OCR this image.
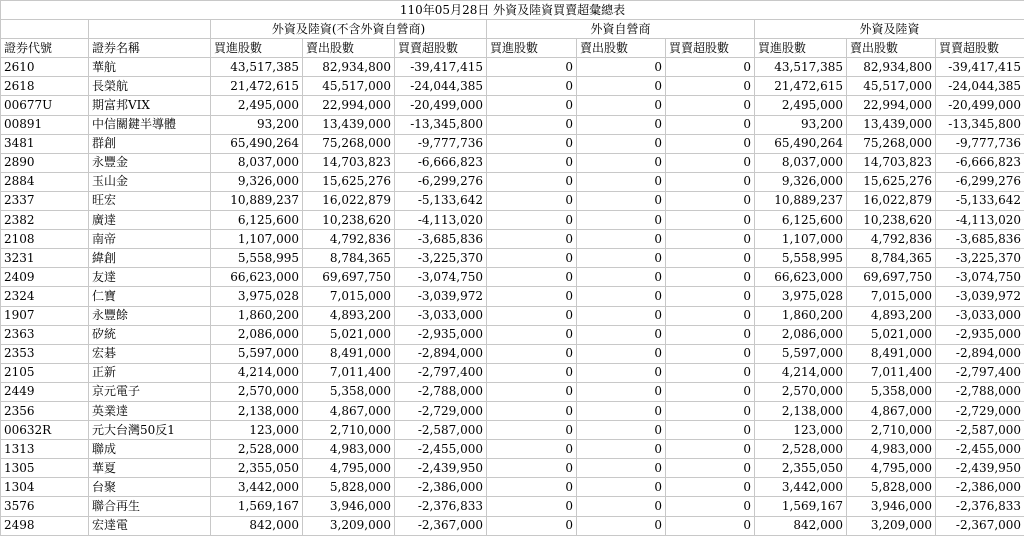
110年05月28日 外資及陸資買賣超彙總表										
		外資及陸資(不含外資自營商)			外資自營商			外資及陸資		
證券代號	證券名稱	買進股數	賣出股數	買賣超股數	買進股數	賣出股數	買賣超股數	買進股數	賣出股數	買賣超股數
2610	華航	43,517,385	82,934,800	-39,417,415	0	0	0	43,517,385	82,934,800	-39,417,415
2618	長榮航	21,472,615	45,517,000	-24,044,385	0	0	0	21,472,615	45,517,000	-24,044,385
00677U	期富邦VIX	2,495,000	22,994,000	-20,499,000	0	0	0	2,495,000	22,994,000	-20,499,000
00891	中信關鍵半導體	93,200	13,439,000	-13,345,800	0	0	0	93,200	13,439,000	-13,345,800
3481	群創	65,490,264	75,268,000	-9,777,736	0	0	0	65,490,264	75,268,000	-9,777,736
2890	永豐金	8,037,000	14,703,823	-6,666,823	0	0	0	8,037,000	14,703,823	-6,666,823
2884	玉山金	9,326,000	15,625,276	-6,299,276	0	0	0	9,326,000	15,625,276	-6,299,276
2337	旺宏	10,889,237	16,022,879	-5,133,642	0	0	0	10,889,237	16,022,879	-5,133,642
2382	廣達	6,125,600	10,238,620	-4,113,020	0	0	0	6,125,600	10,238,620	-4,113,020
2108	南帝	1,107,000	4,792,836	-3,685,836	0	0	0	1,107,000	4,792,836	-3,685,836
3231	緯創	5,558,995	8,784,365	-3,225,370	0	0	0	5,558,995	8,784,365	-3,225,370
2409	友達	66,623,000	69,697,750	-3,074,750	0	0	0	66,623,000	69,697,750	-3,074,750
2324	仁寶	3,975,028	7,015,000	-3,039,972	0	0	0	3,975,028	7,015,000	-3,039,972
1907	永豐餘	1,860,200	4,893,200	-3,033,000	0	0	0	1,860,200	4,893,200	-3,033,000
2363	矽統	2,086,000	5,021,000	-2,935,000	0	0	0	2,086,000	5,021,000	-2,935,000
2353	宏碁	5,597,000	8,491,000	-2,894,000	0	0	0	5,597,000	8,491,000	-2,894,000
2105	正新	4,214,000	7,011,400	-2,797,400	0	0	0	4,214,000	7,011,400	-2,797,400
2449	京元電子	2,570,000	5,358,000	-2,788,000	0	0	0	2,570,000	5,358,000	-2,788,000
2356	英業達	2,138,000	4,867,000	-2,729,000	0	0	0	2,138,000	4,867,000	-2,729,000
00632R	元大台灣50反1	123,000	2,710,000	-2,587,000	0	0	0	123,000	2,710,000	-2,587,000
1313	聯成	2,528,000	4,983,000	-2,455,000	0	0	0	2,528,000	4,983,000	-2,455,000
1305	華夏	2,355,050	4,795,000	-2,439,950	0	0	0	2,355,050	4,795,000	-2,439,950
1304	台聚	3,442,000	5,828,000	-2,386,000	0	0	0	3,442,000	5,828,000	-2,386,000
3576	聯合再生	1,569,167	3,946,000	-2,376,833	0	0	0	1,569,167	3,946,000	-2,376,833
2498	宏達電	842,000	3,209,000	-2,367,000	0	0	0	842,000	3,209,000	-2,367,000
